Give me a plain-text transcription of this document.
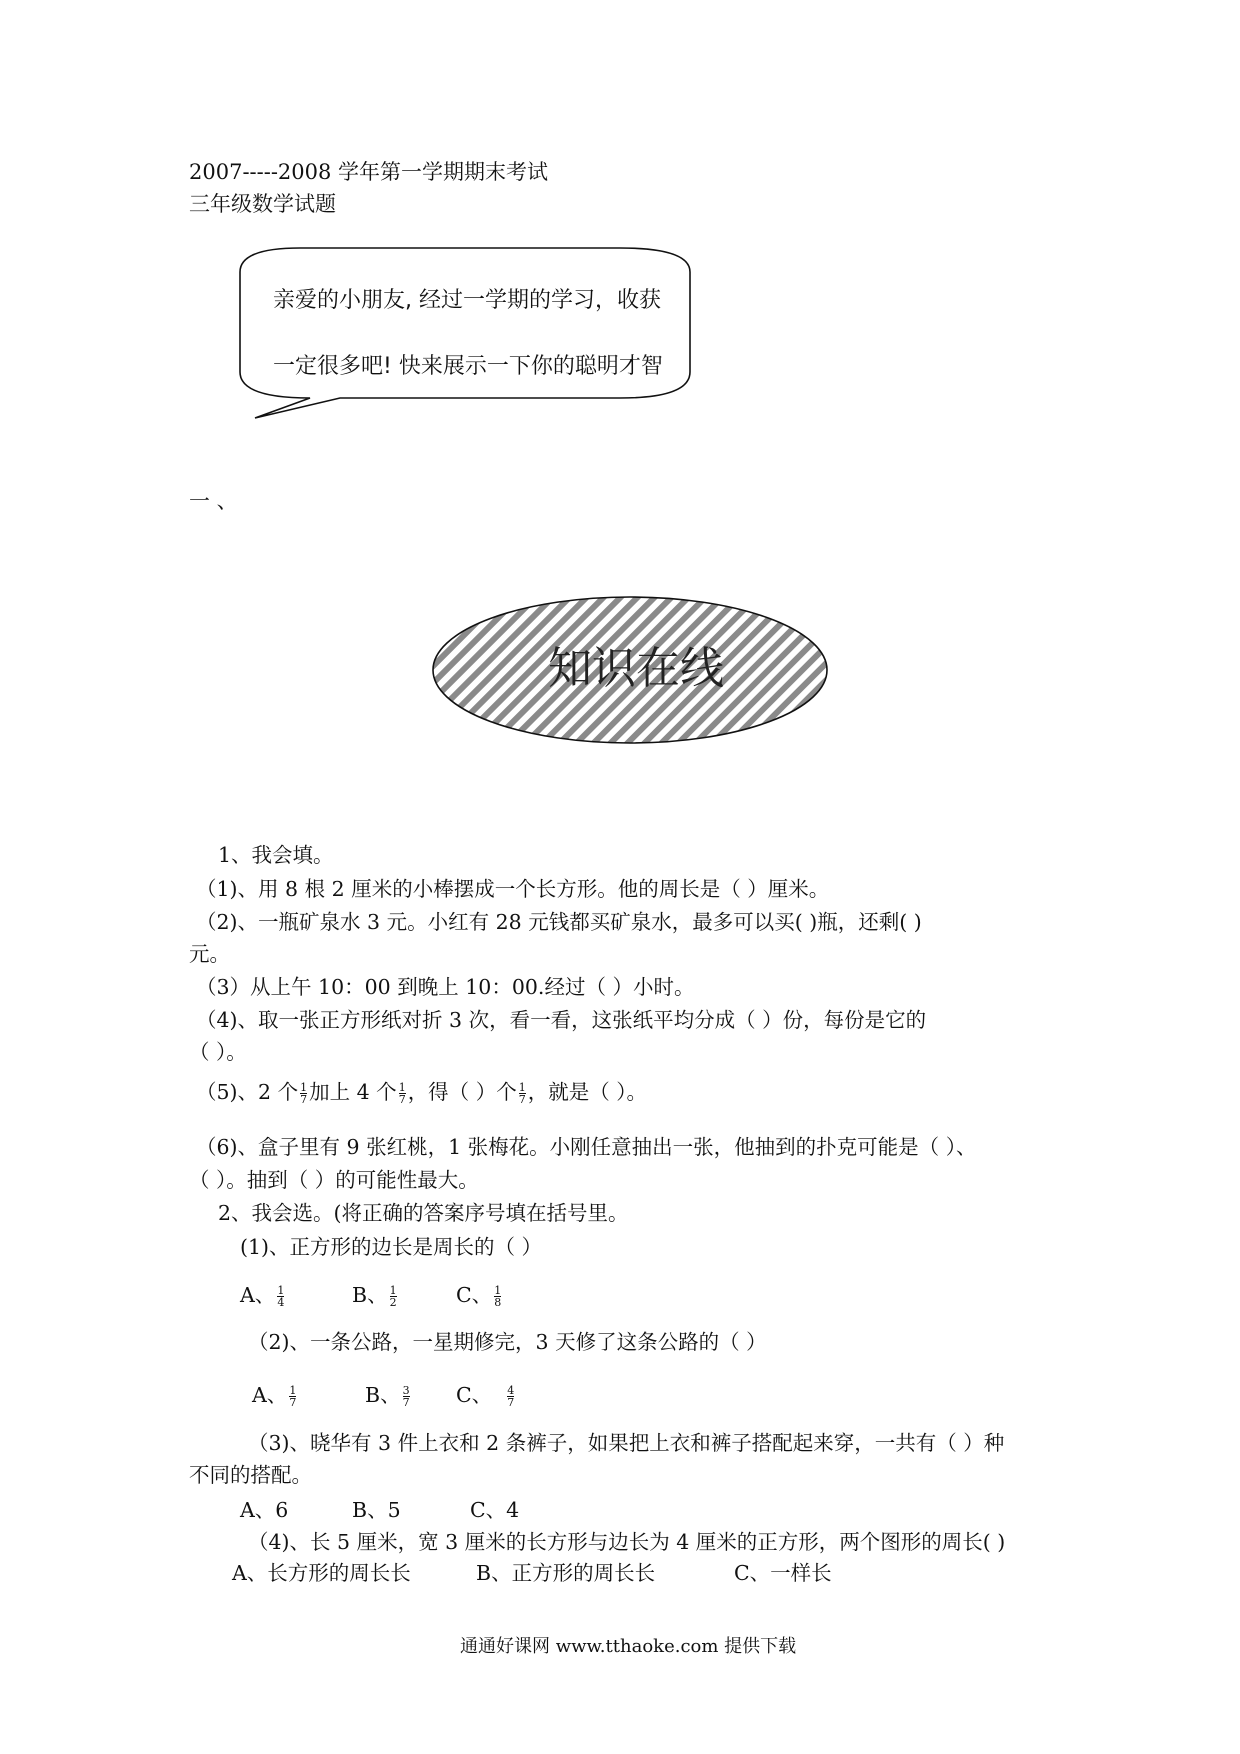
2007-----2008 学年第一学期期末考试
三年级数学试题
亲爱的小朋友, 经过一学期的学习，收获
一定很多吧! 快来展示一下你的聪明才智
一 、
知识在线
1、我会填。
（1)、用 8 根 2 厘米的小棒摆成一个长方形。他的周长是（ ）厘米。
（2)、一瓶矿泉水 3 元。小红有 28 元钱都买矿泉水，最多可以买( )瓶，还剩( )
元。
（3）从上午 10：00 到晚上 10：00.经过（ ）小时。
（4)、取一张正方形纸对折 3 次，看一看，这张纸平均分成（ ）份，每份是它的
（ ）。
（5)、2 个 $\frac{1}{7}$ 加上 4 个 $\frac{1}{7}$ ，得（ ）个 $\frac{1}{7}$ ，就是（ ）。
（6)、盒子里有 9 张红桃，1 张梅花。小刚任意抽出一张，他抽到的扑克可能是（ ）、
（ ）。抽到（ ）的可能性最大。
2、我会选。(将正确的答案序号填在括号里。
(1)、正方形的边长是周长的（ ）
A、 $\frac{1}{4}$	B、 $\frac{1}{2}$	C、 $\frac{1}{8}$
（2)、一条公路，一星期修完，3 天修了这条公路的（ ）
A、 $\frac{1}{7}$	B、 $\frac{3}{7}$ C、 $\frac{4}{7}$
（3)、晓华有 3 件上衣和 2 条裤子，如果把上衣和裤子搭配起来穿，一共有（ ）种
不同的搭配。
A、6	B、5	C、4
（4)、长 5 厘米，宽 3 厘米的长方形与边长为 4 厘米的正方形，两个图形的周长( )
A、长方形的周长长	B、正方形的周长长	C、一样长
通通好课网 www.tthaoke.com 提供下载
